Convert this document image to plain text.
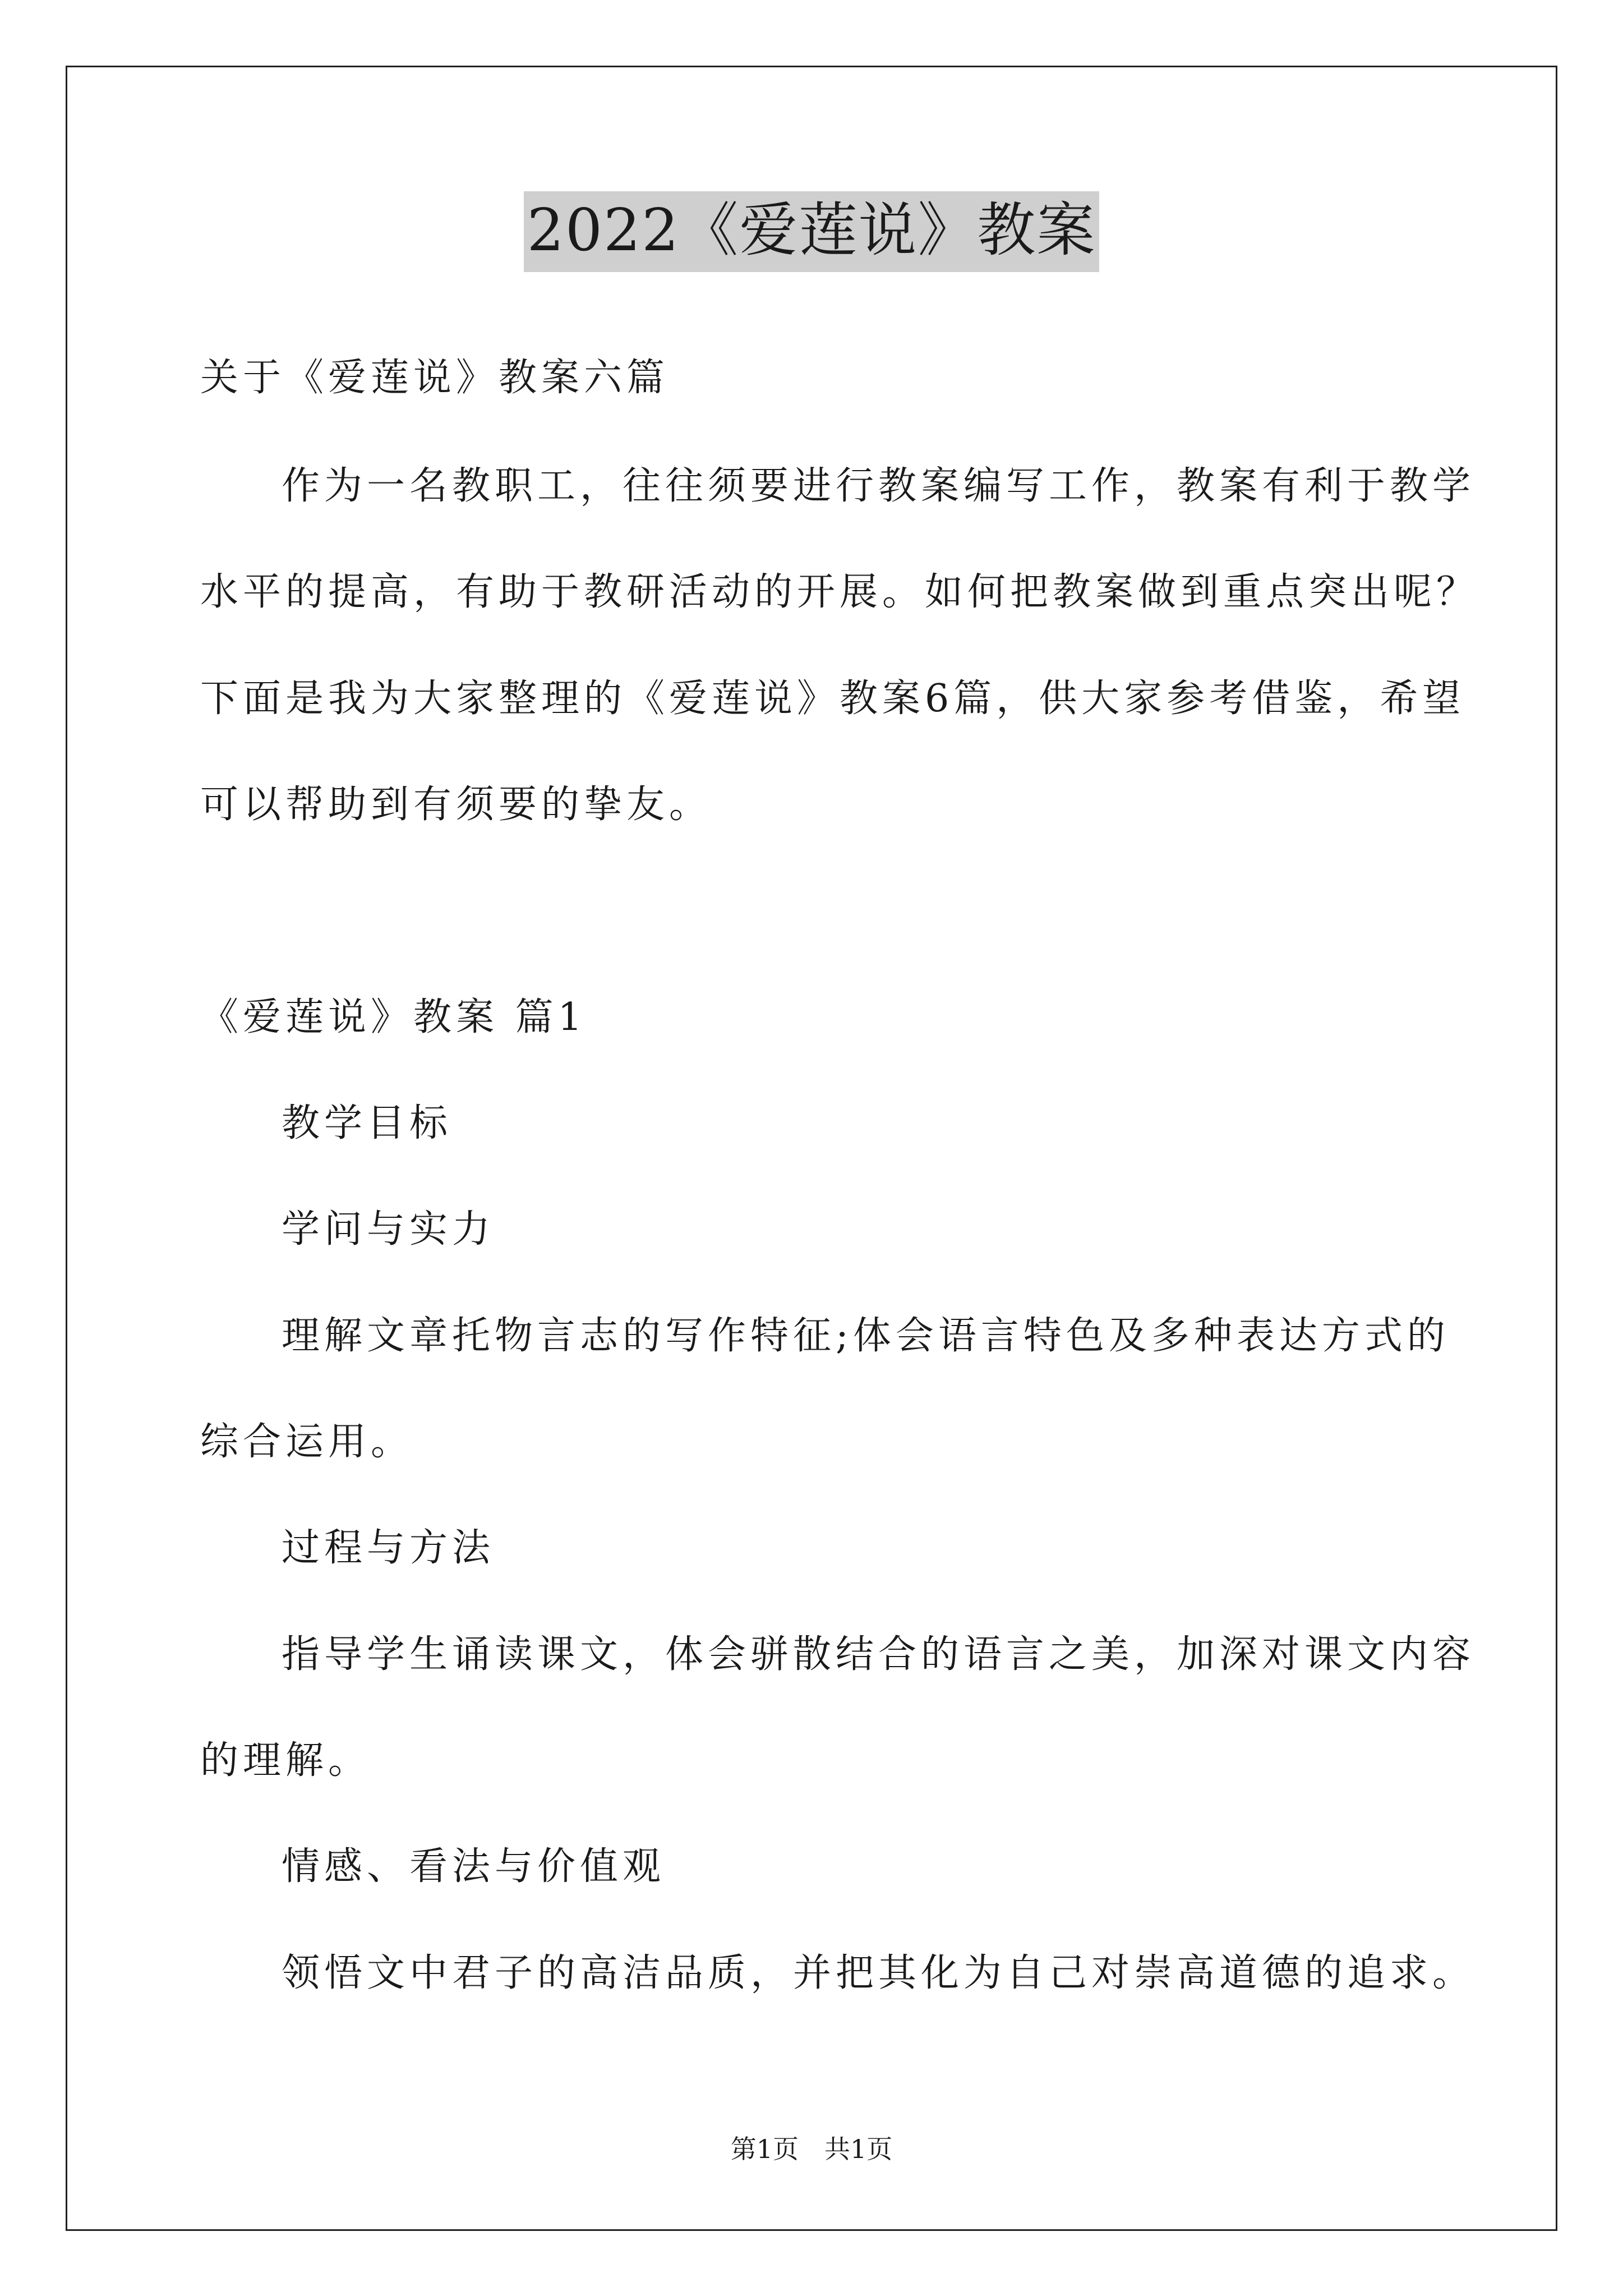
2022《爱莲说》教案
关于《爱莲说》教案六篇
作为一名教职工，往往须要进行教案编写工作，教案有利于教学
水平的提高，有助于教研活动的开展。如何把教案做到重点突出呢？
下面是我为大家整理的《爱莲说》教案6篇，供大家参考借鉴，希望
可以帮助到有须要的挚友。
《爱莲说》教案 篇1
教学目标
学问与实力
理解文章托物言志的写作特征;体会语言特色及多种表达方式的
综合运用。
过程与方法
指导学生诵读课文，体会骈散结合的语言之美，加深对课文内容
的理解。
情感、看法与价值观
领悟文中君子的高洁品质，并把其化为自己对崇高道德的追求。
第1页　共1页
